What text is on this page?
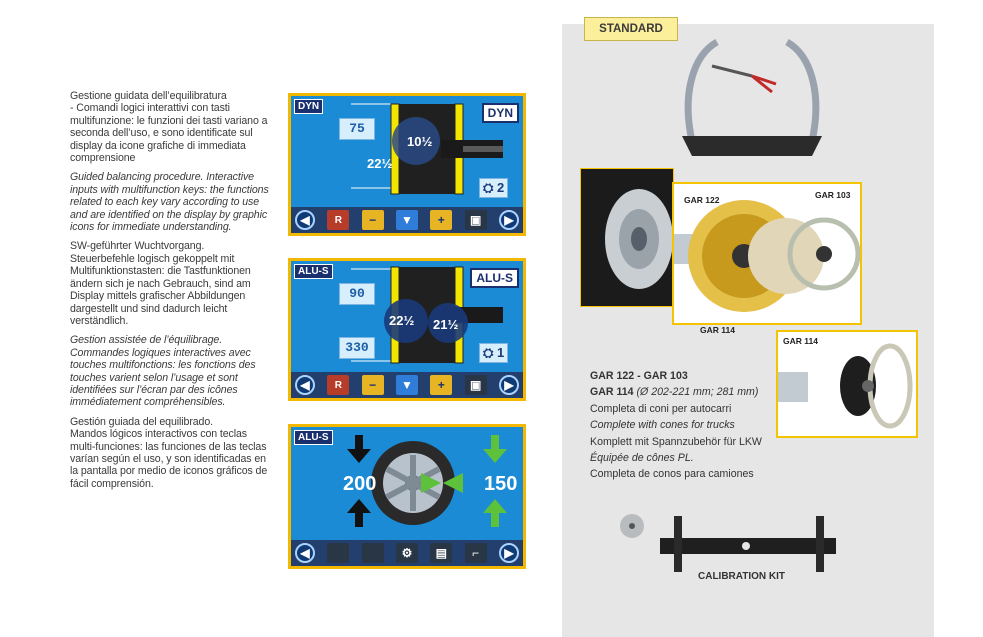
Gestione guidata dell’equilibratura
- Comandi logici interattivi con tasti multifunzione: le funzioni dei tasti variano a seconda dell’uso, e sono identificate sul display da icone grafiche di immediata comprensione

Guided balancing procedure. Interactive inputs with multifunction keys: the functions related to each key vary according to use and are identified on the display by graphic icons for immediate understanding.

SW-geführter Wuchtvorgang.
Steuerbefehle logisch gekoppelt mit Multifunktionstasten: die Tastfunktionen ändern sich je nach Gebrauch, sind am Display mittels grafischer Abbildungen dargestellt und sind dadurch leicht verständlich.

Gestion assistée de l’équilibrage.
Commandes logiques interactives avec touches multifonctions: les fonctions des touches varient selon l’usage et sont identifiées sur l’écran par des icônes immédiatement compréhensibles.

Gestión guiada del equilibrado.
Mandos lógicos interactivos con teclas multi-funciones: las funciones de las teclas varían según el uso, y son identificadas en la pantalla por medio de iconos gráficos de fácil comprensión.

DYN	DYN
75
10½
22½
⛭ 2
◀	R	−	▼	+	▣	▶
ALU-S	ALU-S
90
330
22½ 21½
⛭ 1
◀	R	−	▼	+	▣	▶
ALU-S
200	150
◀	⚙	▤	⌐	▶
STANDARD
GAR 122	GAR 103
GAR 114
GAR 114
GAR 122 - GAR 103
GAR 114 (Ø 202-221 mm; 281 mm)
Completa di coni per autocarri
Complete with cones for trucks
Komplett mit Spannzubehör für LKW
Équipée de cônes PL.
Completa de conos para camiones
CALIBRATION KIT
